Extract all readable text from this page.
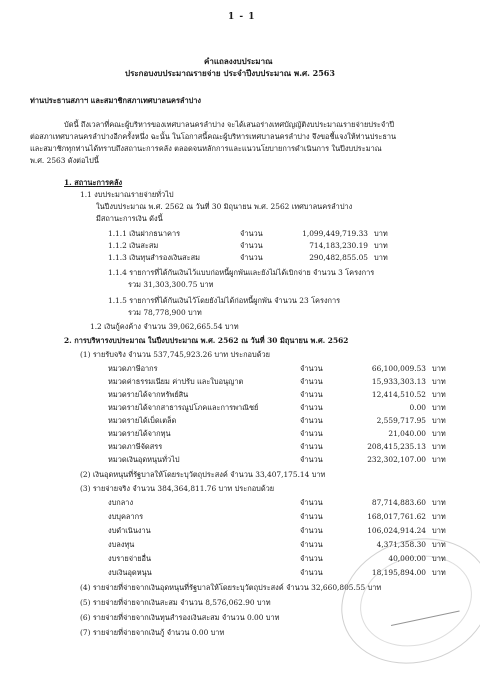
1 - 1
คำแถลงงบประมาณ
ประกอบงบประมาณรายจ่าย ประจำปีงบประมาณ พ.ศ. 2563
ท่านประธานสภาฯ และสมาชิกสภาเทศบาลนครลำปาง
บัดนี้ ถึงเวลาที่คณะผู้บริหารของเทศบาลนครลำปาง จะได้เสนอร่างเทศบัญญัติงบประมาณรายจ่ายประจำปี
ต่อสภาเทศบาลนครลำปางอีกครั้งหนึ่ง ฉะนั้น ในโอกาสนี้คณะผู้บริหารเทศบาลนครลำปาง จึงขอชี้แจงให้ท่านประธาน
และสมาชิกทุกท่านได้ทราบถึงสถานะการคลัง ตลอดจนหลักการและแนวนโยบายการดำเนินการ ในปีงบประมาณ
พ.ศ. 2563 ดังต่อไปนี้
1. สถานะการคลัง
1.1 งบประมาณรายจ่ายทั่วไป
ในปีงบประมาณ พ.ศ. 2562 ณ วันที่ 30 มิถุนายน พ.ศ. 2562 เทศบาลนครลำปาง
มีสถานะการเงิน ดังนี้
1.1.1 เงินฝากธนาคาร	จำนวน	1,099,449,719.33 บาท
1.1.2 เงินสะสม	จำนวน	714,183,230.19 บาท
1.1.3 เงินทุนสำรองเงินสะสม	จำนวน	290,482,855.05 บาท
1.1.4 รายการที่ได้กันเงินไว้แบบก่อหนี้ผูกพันและยังไม่ได้เบิกจ่าย จำนวน 3 โครงการ
รวม 31,303,300.75 บาท
1.1.5 รายการที่ได้กันเงินไว้โดยยังไม่ได้ก่อหนี้ผูกพัน จำนวน 23 โครงการ
รวม 78,778,900 บาท
1.2 เงินกู้คงค้าง จำนวน 39,062,665.54 บาท
2. การบริหารงบประมาณ ในปีงบประมาณ พ.ศ. 2562 ณ วันที่ 30 มิถุนายน พ.ศ. 2562
(1) รายรับจริง จำนวน 537,745,923.26 บาท ประกอบด้วย
หมวดภาษีอากร	จำนวน	66,100,009.53 บาท
หมวดค่าธรรมเนียม ค่าปรับ และใบอนุญาต	จำนวน	15,933,303.13 บาท
หมวดรายได้จากทรัพย์สิน	จำนวน	12,414,510.52 บาท
หมวดรายได้จากสาธารณูปโภคและการพาณิชย์	จำนวน	0.00 บาท
หมวดรายได้เบ็ดเตล็ด	จำนวน	2,559,717.95 บาท
หมวดรายได้จากทุน	จำนวน	21,040.00 บาท
หมวดภาษีจัดสรร	จำนวน	208,415,235.13 บาท
หมวดเงินอุดหนุนทั่วไป	จำนวน	232,302,107.00 บาท
(2) เงินอุดหนุนที่รัฐบาลให้โดยระบุวัตถุประสงค์ จำนวน 33,407,175.14 บาท
(3) รายจ่ายจริง จำนวน 384,364,811.76 บาท ประกอบด้วย
งบกลาง	จำนวน	87,714,883.60 บาท
งบบุคลากร	จำนวน	168,017,761.62 บาท
งบดำเนินงาน	จำนวน	106,024,914.24 บาท
งบลงทุน	จำนวน	4,371,358.30 บาท
งบรายจ่ายอื่น	จำนวน	40,000.00 บาท
งบเงินอุดหนุน	จำนวน	18,195,894.00 บาท
(4) รายจ่ายที่จ่ายจากเงินอุดหนุนที่รัฐบาลให้โดยระบุวัตถุประสงค์ จำนวน 32,660,805.55 บาท
(5) รายจ่ายที่จ่ายจากเงินสะสม จำนวน 8,576,062.90 บาท
(6) รายจ่ายที่จ่ายจากเงินทุนสำรองเงินสะสม จำนวน 0.00 บาท
(7) รายจ่ายที่จ่ายจากเงินกู้ จำนวน 0.00 บาท
